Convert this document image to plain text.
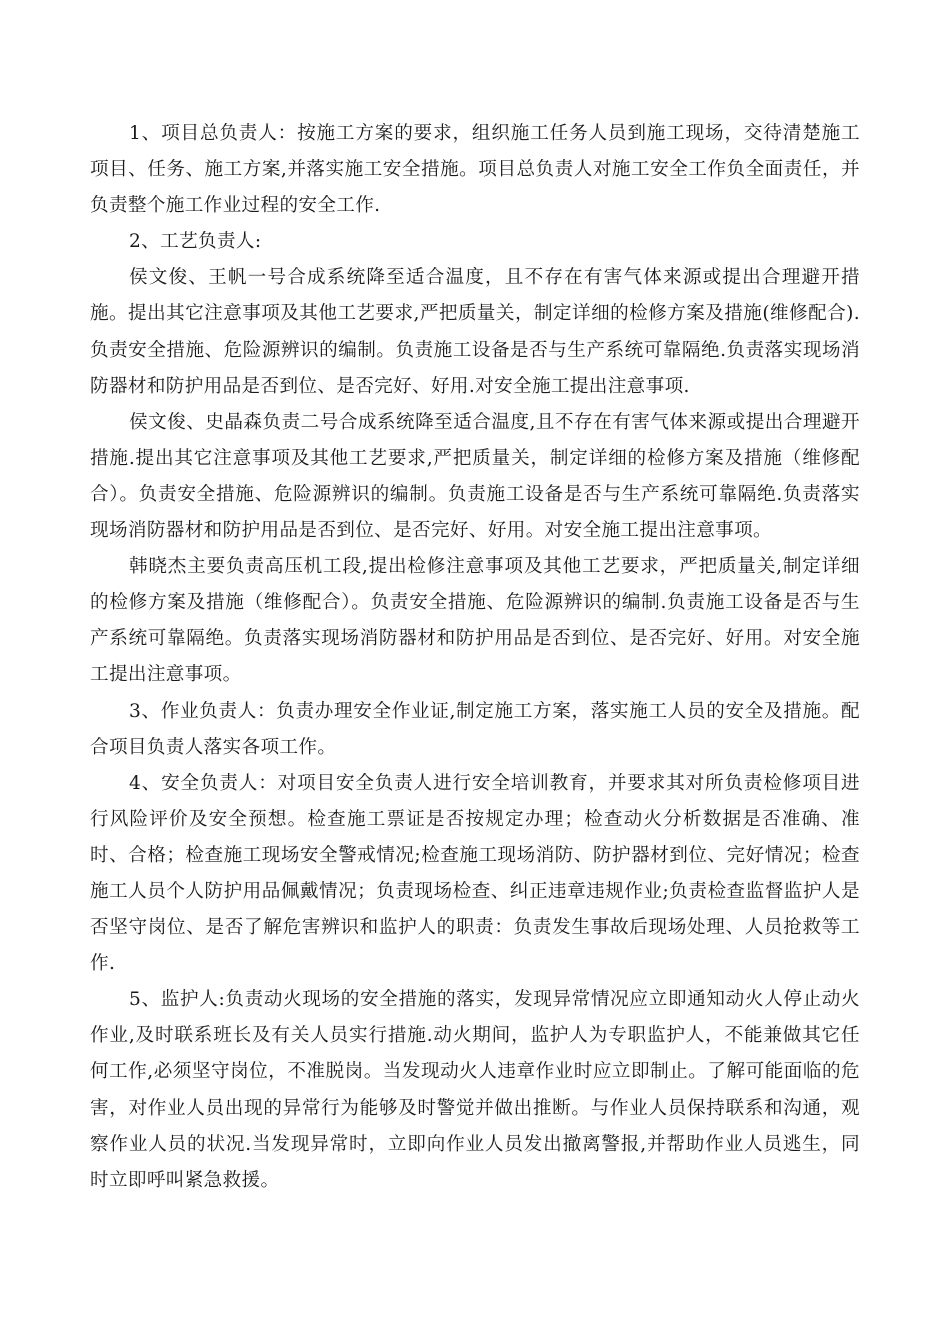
1、项目总负责人：按施工方案的要求，组织施工任务人员到施工现场，交待清楚施工项目、任务、施工方案,并落实施工安全措施。项目总负责人对施工安全工作负全面责任，并负责整个施工作业过程的安全工作.

2、工艺负责人:

侯文俊、王帆一号合成系统降至适合温度，且不存在有害气体来源或提出合理避开措施。提出其它注意事项及其他工艺要求,严把质量关，制定详细的检修方案及措施(维修配合).负责安全措施、危险源辨识的编制。负责施工设备是否与生产系统可靠隔绝.负责落实现场消防器材和防护用品是否到位、是否完好、好用.对安全施工提出注意事项.

侯文俊、史晶森负责二号合成系统降至适合温度,且不存在有害气体来源或提出合理避开措施.提出其它注意事项及其他工艺要求,严把质量关，制定详细的检修方案及措施（维修配合）。负责安全措施、危险源辨识的编制。负责施工设备是否与生产系统可靠隔绝.负责落实现场消防器材和防护用品是否到位、是否完好、好用。对安全施工提出注意事项。

韩晓杰主要负责高压机工段,提出检修注意事项及其他工艺要求，严把质量关,制定详细的检修方案及措施（维修配合）。负责安全措施、危险源辨识的编制.负责施工设备是否与生产系统可靠隔绝。负责落实现场消防器材和防护用品是否到位、是否完好、好用。对安全施工提出注意事项。

3、作业负责人：负责办理安全作业证,制定施工方案，落实施工人员的安全及措施。配合项目负责人落实各项工作。

4、安全负责人：对项目安全负责人进行安全培训教育，并要求其对所负责检修项目进行风险评价及安全预想。检查施工票证是否按规定办理；检查动火分析数据是否准确、准时、合格；检查施工现场安全警戒情况;检查施工现场消防、防护器材到位、完好情况；检查施工人员个人防护用品佩戴情况；负责现场检查、纠正违章违规作业;负责检查监督监护人是否坚守岗位、是否了解危害辨识和监护人的职责：负责发生事故后现场处理、人员抢救等工作.

5、监护人:负责动火现场的安全措施的落实，发现异常情况应立即通知动火人停止动火作业,及时联系班长及有关人员实行措施.动火期间，监护人为专职监护人，不能兼做其它任何工作,必须坚守岗位，不准脱岗。当发现动火人违章作业时应立即制止。了解可能面临的危害，对作业人员出现的异常行为能够及时警觉并做出推断。与作业人员保持联系和沟通，观察作业人员的状况.当发现异常时，立即向作业人员发出撤离警报,并帮助作业人员逃生，同时立即呼叫紧急救援。
